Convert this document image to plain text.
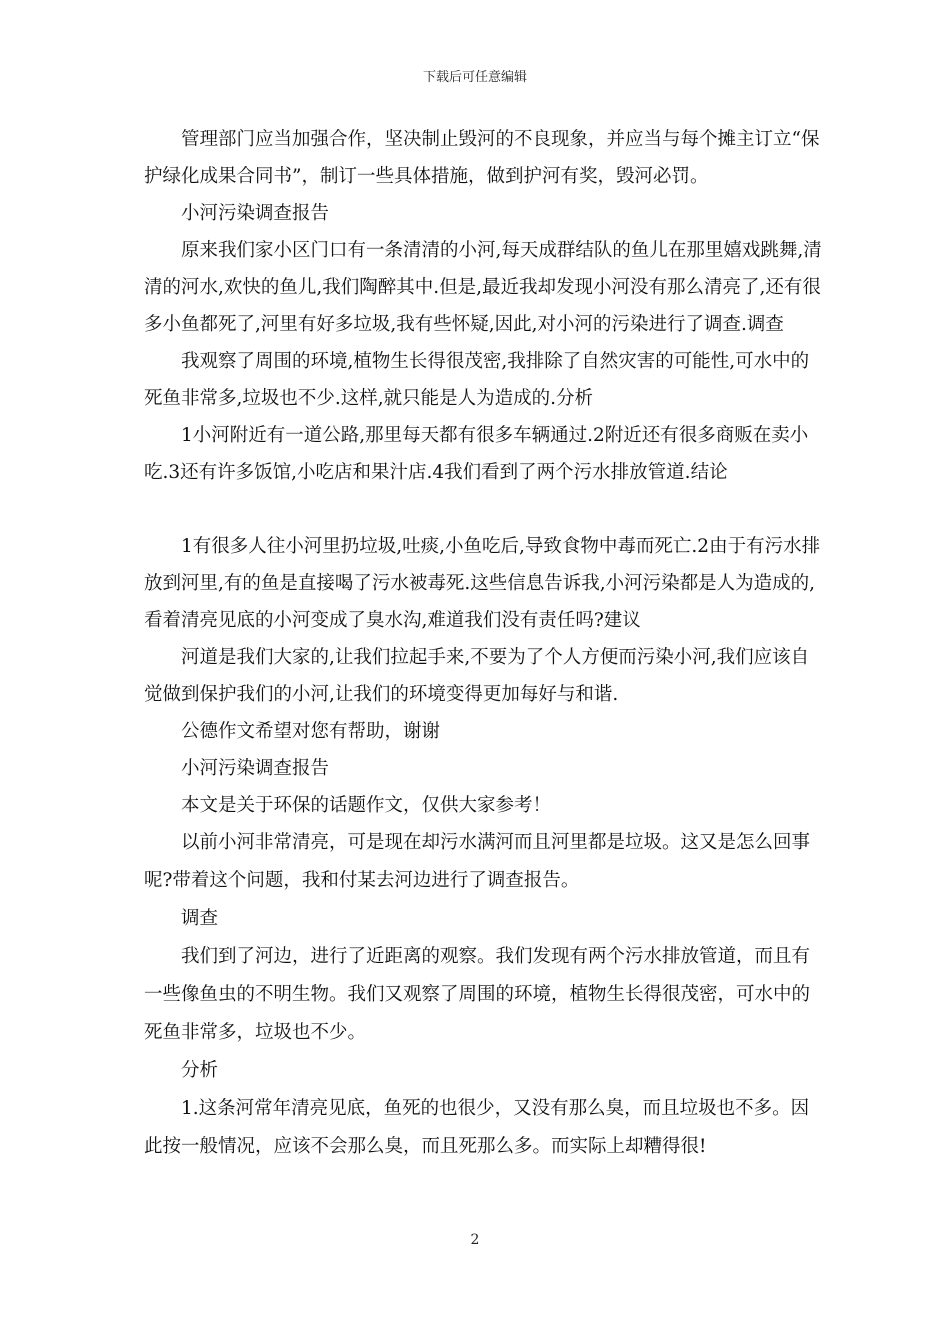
下载后可任意编辑

管理部门应当加强合作，坚决制止毁河的不良现象，并应当与每个摊主订立“保护绿化成果合同书”，制订一些具体措施，做到护河有奖，毁河必罚。

小河污染调查报告

原来我们家小区门口有一条清清的小河,每天成群结队的鱼儿在那里嬉戏跳舞,清清的河水,欢快的鱼儿,我们陶醉其中.但是,最近我却发现小河没有那么清亮了,还有很多小鱼都死了,河里有好多垃圾,我有些怀疑,因此,对小河的污染进行了调查.调查

我观察了周围的环境,植物生长得很茂密,我排除了自然灾害的可能性,可水中的死鱼非常多,垃圾也不少.这样,就只能是人为造成的.分析

1小河附近有一道公路,那里每天都有很多车辆通过.2附近还有很多商贩在卖小吃.3还有许多饭馆,小吃店和果汁店.4我们看到了两个污水排放管道.结论

1有很多人往小河里扔垃圾,吐痰,小鱼吃后,导致食物中毒而死亡.2由于有污水排放到河里,有的鱼是直接喝了污水被毒死.这些信息告诉我,小河污染都是人为造成的,看着清亮见底的小河变成了臭水沟,难道我们没有责任吗?建议

河道是我们大家的,让我们拉起手来,不要为了个人方便而污染小河,我们应该自觉做到保护我们的小河,让我们的环境变得更加每好与和谐.

公德作文希望对您有帮助，谢谢

小河污染调查报告

本文是关于环保的话题作文，仅供大家参考！

以前小河非常清亮，可是现在却污水满河而且河里都是垃圾。这又是怎么回事呢?带着这个问题，我和付某去河边进行了调查报告。

调查

我们到了河边，进行了近距离的观察。我们发现有两个污水排放管道，而且有一些像鱼虫的不明生物。我们又观察了周围的环境，植物生长得很茂密，可水中的死鱼非常多，垃圾也不少。

分析

1.这条河常年清亮见底，鱼死的也很少，又没有那么臭，而且垃圾也不多。因此按一般情况，应该不会那么臭，而且死那么多。而实际上却糟得很!

2
